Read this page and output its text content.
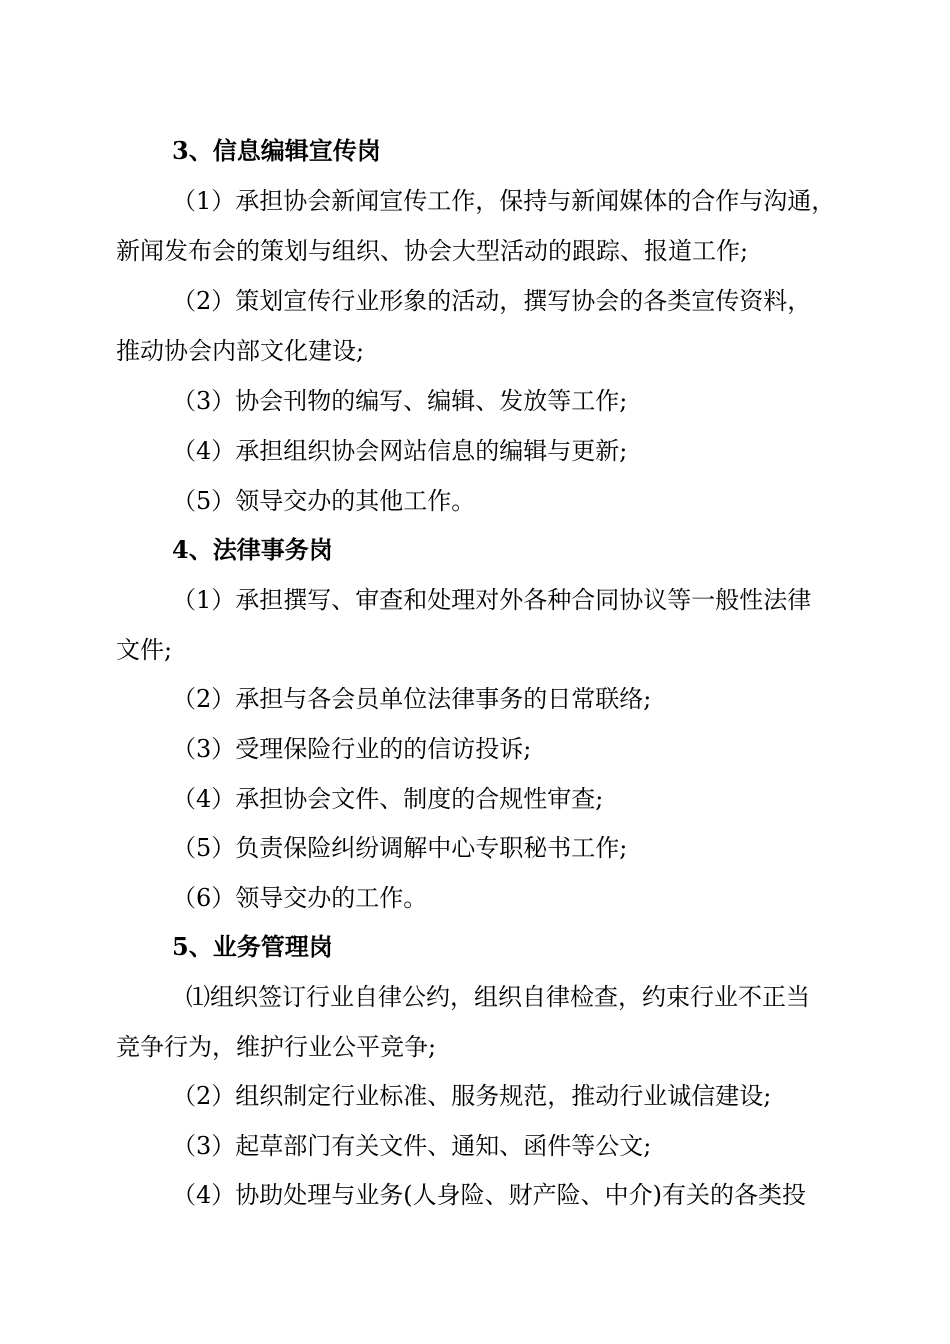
3、信息编辑宣传岗
（1）承担协会新闻宣传工作，保持与新闻媒体的合作与沟通，
新闻发布会的策划与组织、协会大型活动的跟踪、报道工作;
（2）策划宣传行业形象的活动，撰写协会的各类宣传资料，
推动协会内部文化建设;
（3）协会刊物的编写、编辑、发放等工作;
（4）承担组织协会网站信息的编辑与更新;
（5）领导交办的其他工作。
4、法律事务岗
（1）承担撰写、审查和处理对外各种合同协议等一般性法律
文件;
（2）承担与各会员单位法律事务的日常联络;
（3）受理保险行业的的信访投诉;
（4）承担协会文件、制度的合规性审查;
（5）负责保险纠纷调解中心专职秘书工作;
（6）领导交办的工作。
5、业务管理岗
⑴组织签订行业自律公约，组织自律检查，约束行业不正当
竞争行为，维护行业公平竞争;
（2）组织制定行业标准、服务规范，推动行业诚信建设;
（3）起草部门有关文件、通知、函件等公文;
（4）协助处理与业务(人身险、财产险、中介)有关的各类投
